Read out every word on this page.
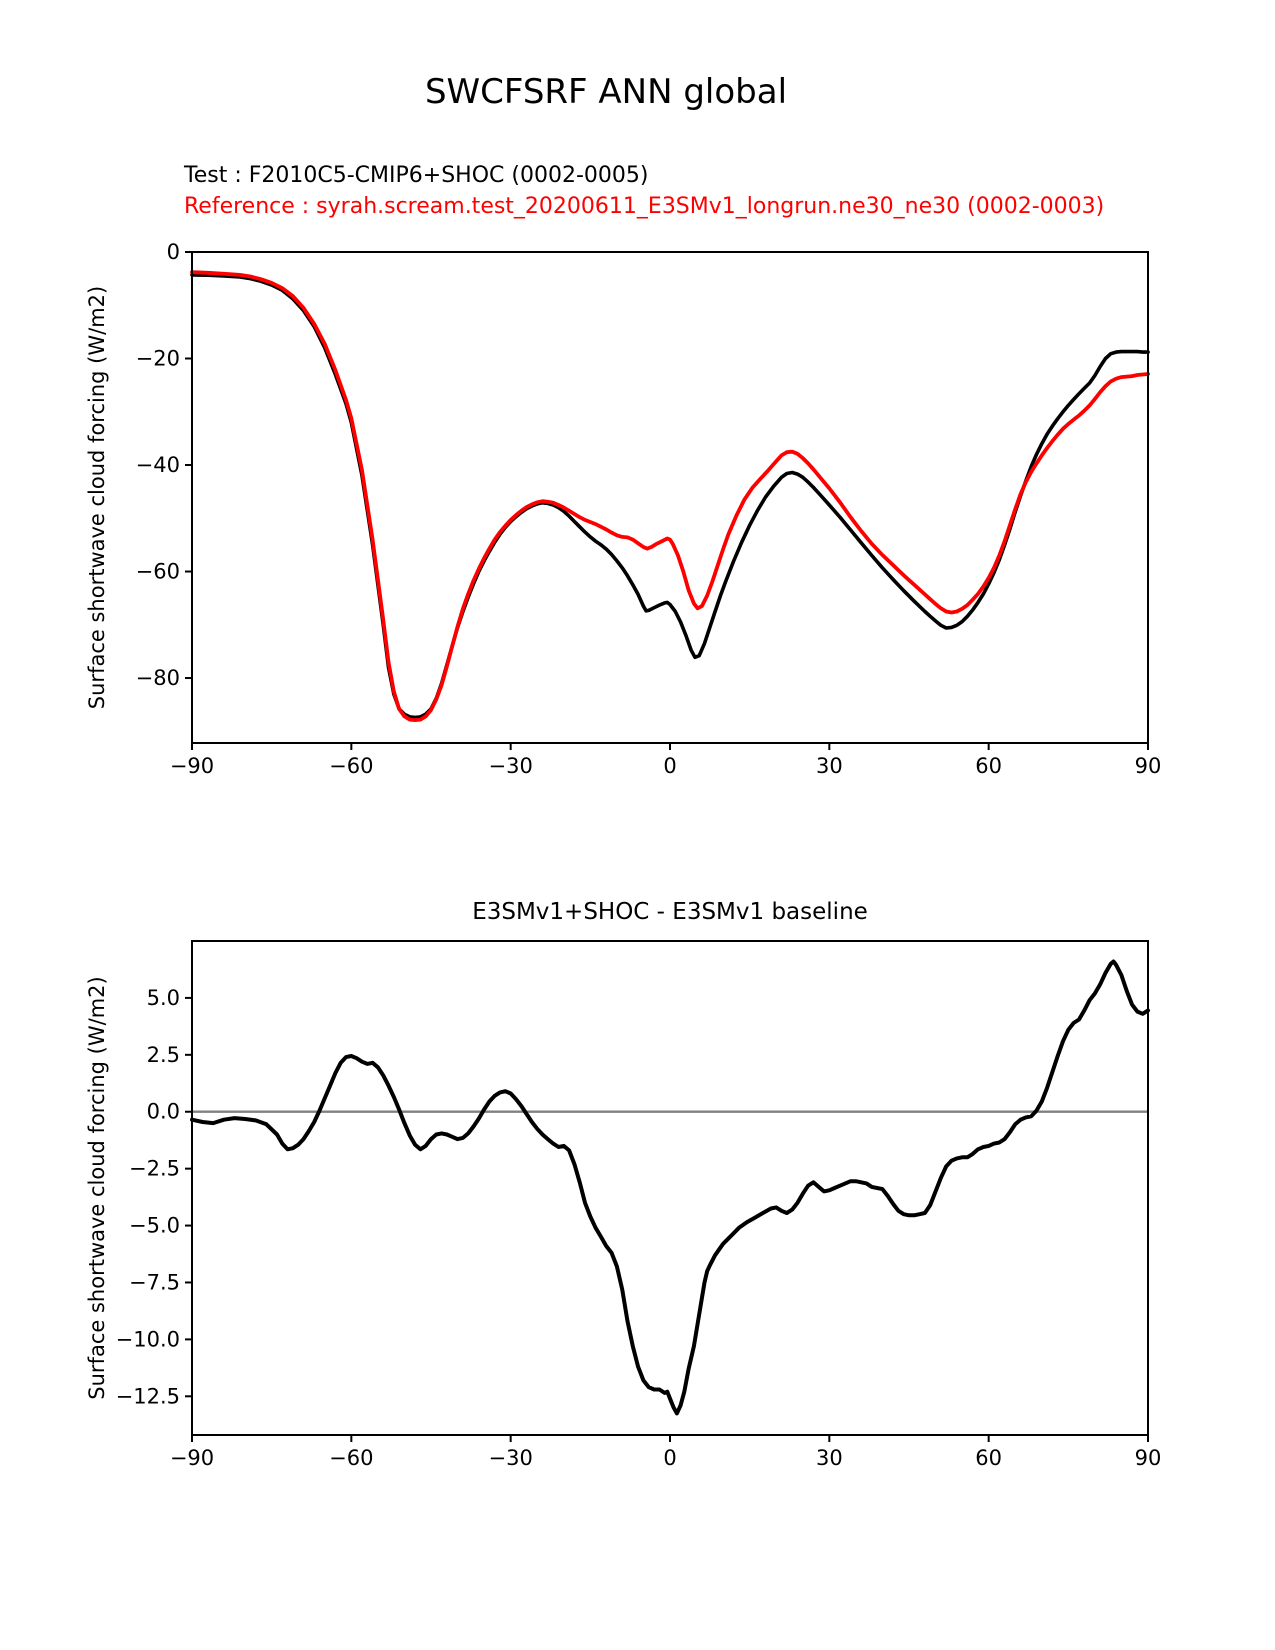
SWCFSRF ANN global
Test : F2010C5-CMIP6+SHOC (0002-0005)
Reference : syrah.scream.test_20200611_E3SMv1_longrun.ne30_ne30 (0002-0003)
−90	−60	−30	0	30	60	90
0
−20
−40
−60
−80
Surface shortwave cloud forcing (W/m2)
−90	−60	−30	0	30	60	90
5.0
2.5
0.0
−2.5
−5.0
−7.5
−10.0
−12.5
Surface shortwave cloud forcing (W/m2)
E3SMv1+SHOC - E3SMv1 baseline
